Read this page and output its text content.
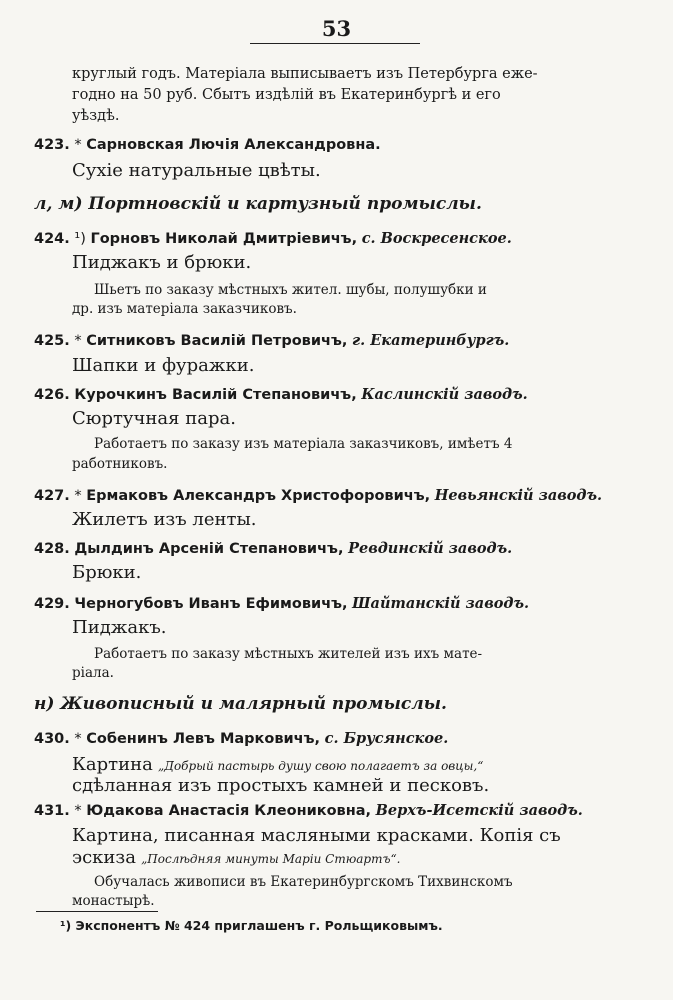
53
круглый годъ. Матеріала выписываетъ изъ Петербурга еже-
годно на 50 руб. Сбытъ издѣлій въ Екатеринбургѣ и его
уѣздѣ.
423. * Сарновская Лючія Александровна.
Сухіе натуральные цвѣты.
л, м) Портновскій и картузный промыслы.
424. ¹) Горновъ Николай Дмитріевичъ, с. Воскресенское.
Пиджакъ и брюки.
Шьетъ по заказу мѣстныхъ жител. шубы, полушубки и
др. изъ матеріала заказчиковъ.
425. * Ситниковъ Василій Петровичъ, г. Екатеринбургъ.
Шапки и фуражки.
426. Курочкинъ Василій Степановичъ, Каслинскій заводъ.
Сюртучная пара.
Работаетъ по заказу изъ матеріала заказчиковъ, имѣетъ 4
работниковъ.
427. * Ермаковъ Александръ Христофоровичъ, Невьянскій заводъ.
Жилетъ изъ ленты.
428. Дылдинъ Арсеній Степановичъ, Ревдинскій заводъ.
Брюки.
429. Черногубовъ Иванъ Ефимовичъ, Шайтанскій заводъ.
Пиджакъ.
Работаетъ по заказу мѣстныхъ жителей изъ ихъ мате-
ріала.
н) Живописный и малярный промыслы.
430. * Собенинъ Левъ Марковичъ, с. Брусянское.
Картина „Добрый пастырь душу свою полагаетъ за овцы,“
сдѣланная изъ простыхъ камней и песковъ.
431. * Юдакова Анастасія Клеониковна, Верхъ-Исетскій заводъ.
Картина, писанная масляными красками. Копія съ
эскиза „Послѣдняя минуты Маріи Стюартъ“.
Обучалась живописи въ Екатеринбургскомъ Тихвинскомъ
монастырѣ.
¹) Экспонентъ № 424 приглашенъ г. Рольщиковымъ.
